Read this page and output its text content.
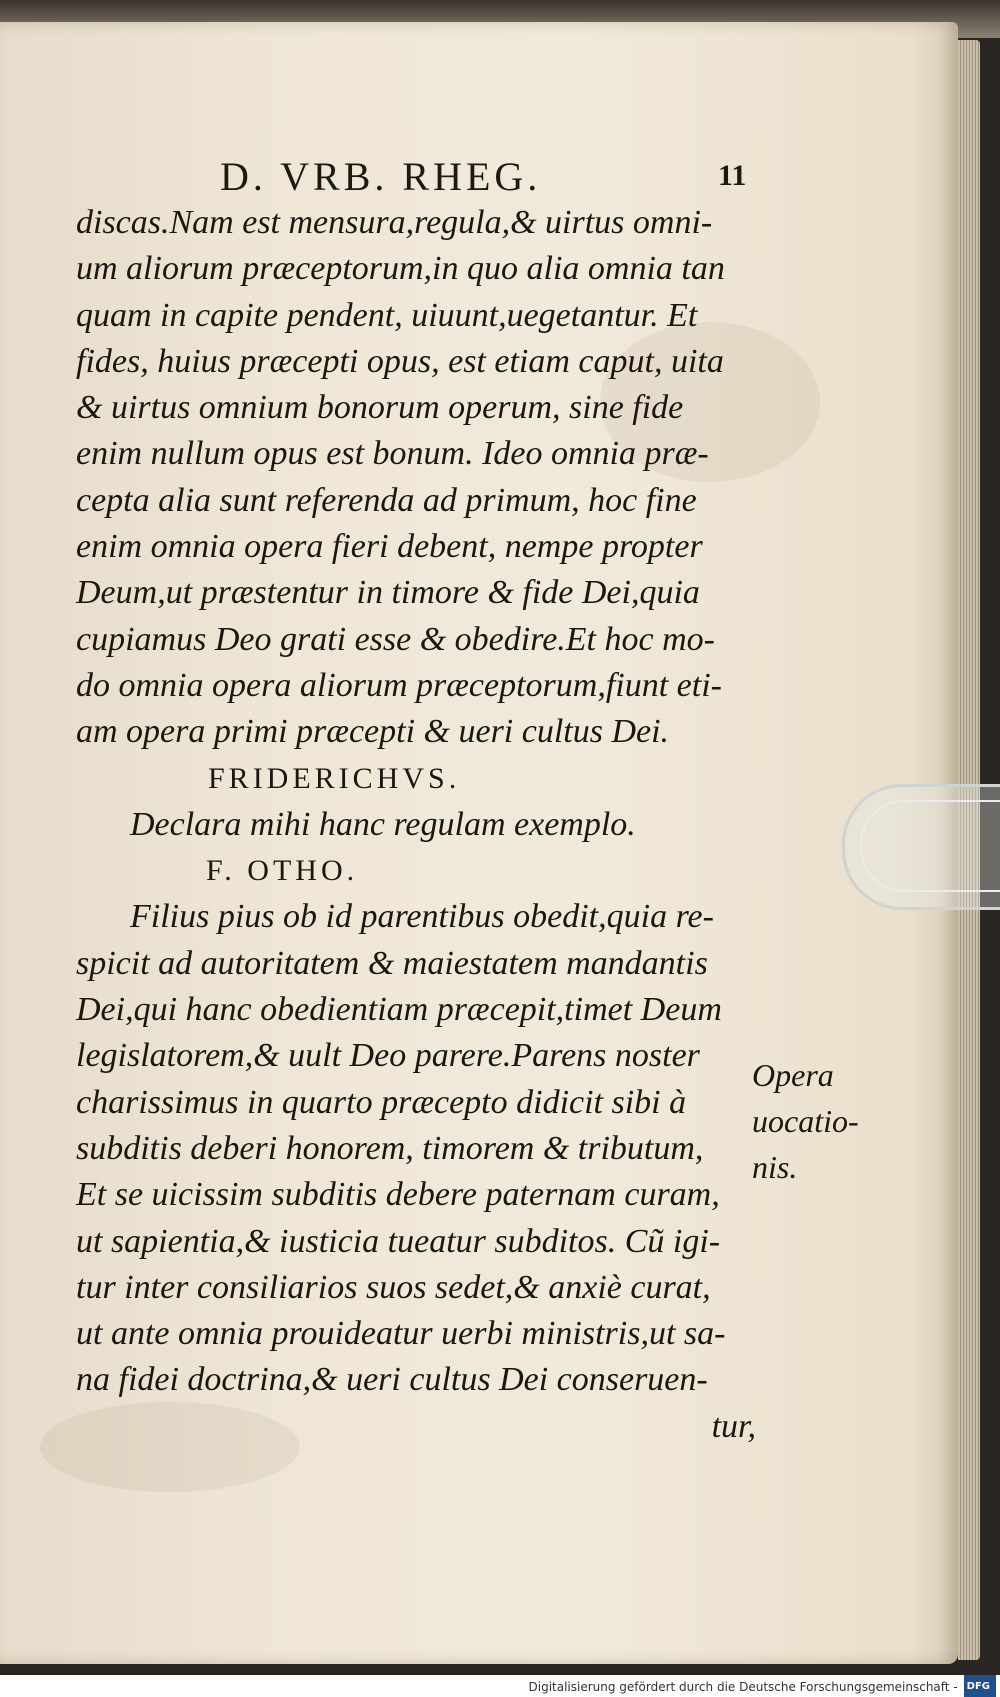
D. VRB. RHEG.	11
discas.Nam est mensura,regula,& uirtus omni-
um aliorum præceptorum,in quo alia omnia tan
quam in capite pendent, uiuunt,uegetantur. Et
fides, huius præcepti opus, est etiam caput, uita
& uirtus omnium bonorum operum, sine fide
enim nullum opus est bonum. Ideo omnia præ-
cepta alia sunt referenda ad primum, hoc fine
enim omnia opera fieri debent, nempe propter
Deum,ut præstentur in timore & fide Dei,quia
cupiamus Deo grati esse & obedire.Et hoc mo-
do omnia opera aliorum præceptorum,fiunt eti-
am opera primi præcepti & ueri cultus Dei.
FRIDERICHVS.
Declara mihi hanc regulam exemplo.
F. OTHO.
Filius pius ob id parentibus obedit,quia re-
spicit ad autoritatem & maiestatem mandantis
Dei,qui hanc obedientiam præcepit,timet Deum
legislatorem,& uult Deo parere.Parens noster
charissimus in quarto præcepto didicit sibi à
subditis deberi honorem, timorem & tributum,
Et se uicissim subditis debere paternam curam,
ut sapientia,& iusticia tueatur subditos. Cũ igi-
tur inter consiliarios suos sedet,& anxiè curat,
ut ante omnia prouideatur uerbi ministris,ut sa-
na fidei doctrina,& ueri cultus Dei conseruen-
tur,
Opera
uocatio-
nis.
Digitalisierung gefördert durch die Deutsche Forschungsgemeinschaft - DFG
